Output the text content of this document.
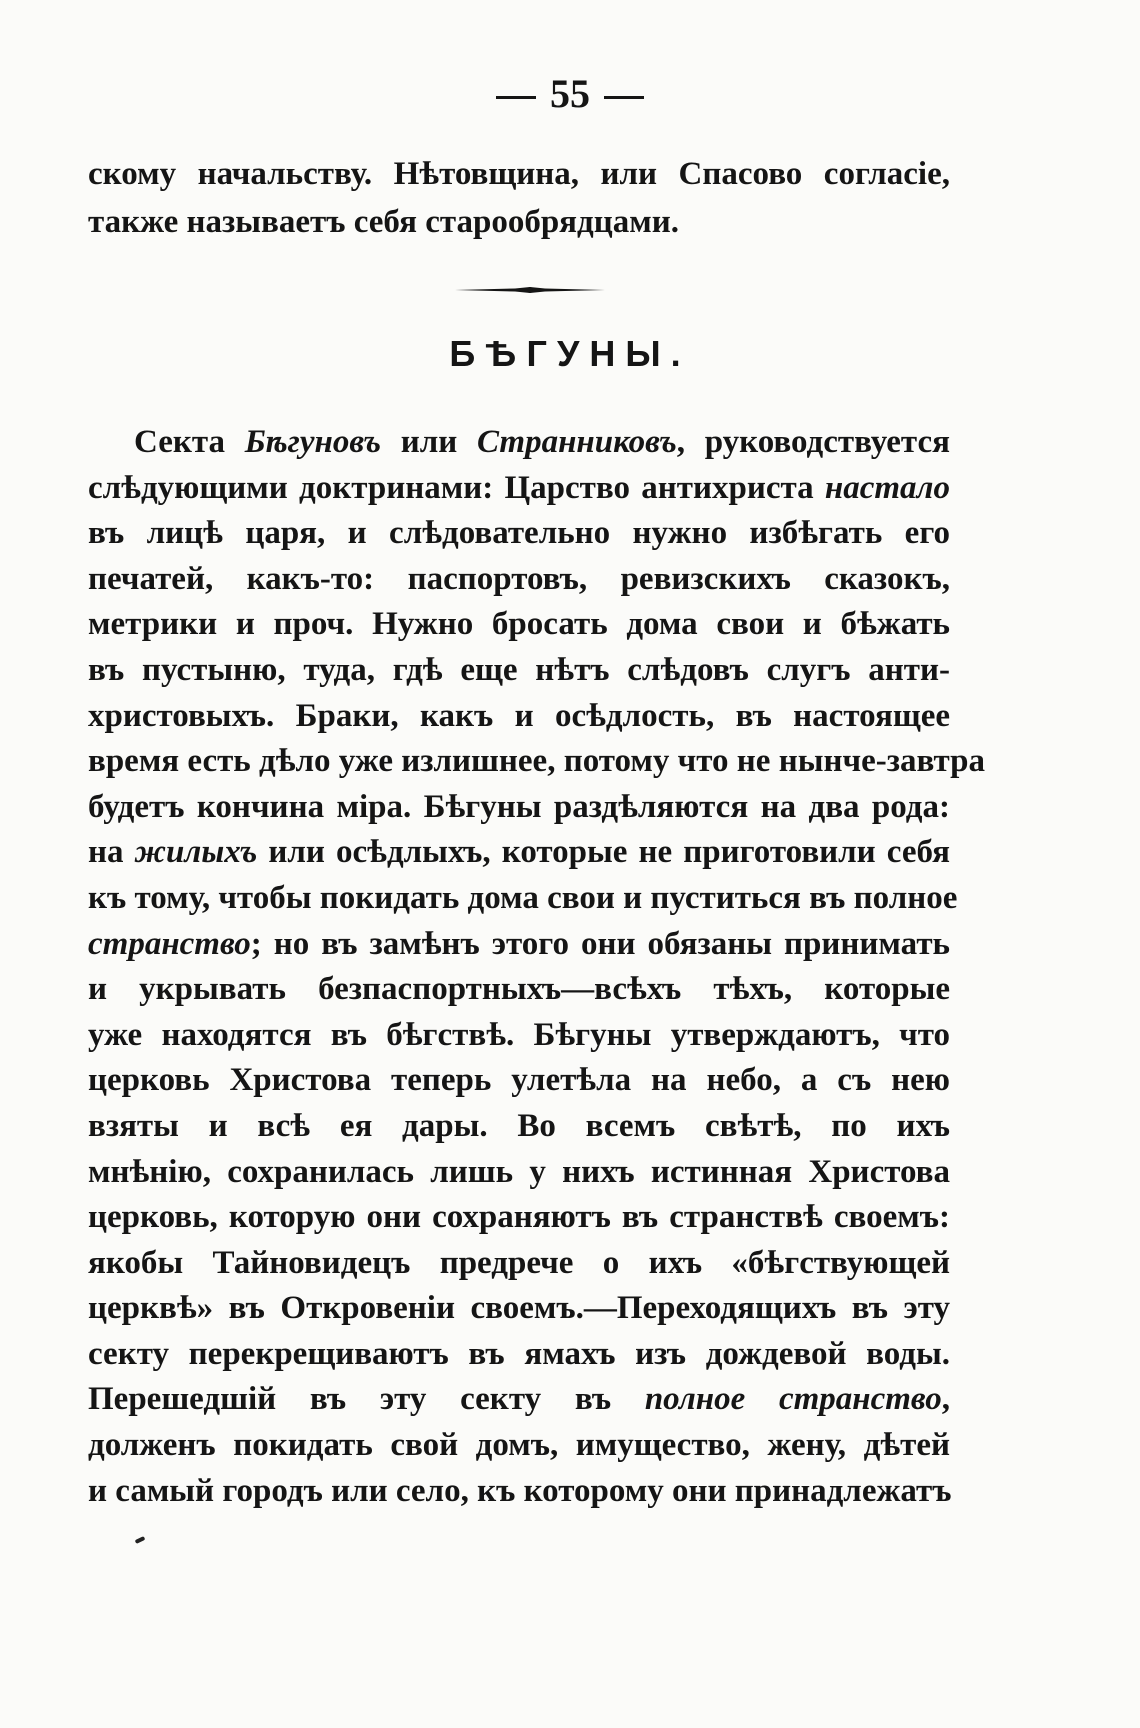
55
скому начальству. Нѣтовщина, или Спасово согласіе,
также называетъ себя старообрядцами.
БѢГУНЫ.
Секта Бѣгуновъ или Странниковъ, руководствуется
слѣдующими доктринами: Царство антихриста настало
въ лицѣ царя, и слѣдовательно нужно избѣгать его
печатей, какъ-то: паспортовъ, ревизскихъ сказокъ,
метрики и проч. Нужно бросать дома свои и бѣжать
въ пустыню, туда, гдѣ еще нѣтъ слѣдовъ слугъ анти-
христовыхъ. Браки, какъ и осѣдлость, въ настоящее
время есть дѣло уже излишнее, потому что не нынче-завтра
будетъ кончина міра. Бѣгуны раздѣляются на два рода:
на жилыхъ или осѣдлыхъ, которые не приготовили себя
къ тому, чтобы покидать дома свои и пуститься въ полное
странство; но въ замѣнъ этого они обязаны принимать
и укрывать безпаспортныхъ—всѣхъ тѣхъ, которые
уже находятся въ бѣгствѣ. Бѣгуны утверждаютъ, что
церковь Христова теперь улетѣла на небо, а съ нею
взяты и всѣ ея дары. Во всемъ свѣтѣ, по ихъ
мнѣнію, сохранилась лишь у нихъ истинная Христова
церковь, которую они сохраняютъ въ странствѣ своемъ:
якобы Тайновидецъ предрече о ихъ «бѣгствующей
церквѣ» въ Откровеніи своемъ.—Переходящихъ въ эту
секту перекрещиваютъ въ ямахъ изъ дождевой воды.
Перешедшій въ эту секту въ полное странство,
долженъ покидать свой домъ, имущество, жену, дѣтей
и самый городъ или село, къ которому они принадлежатъ
